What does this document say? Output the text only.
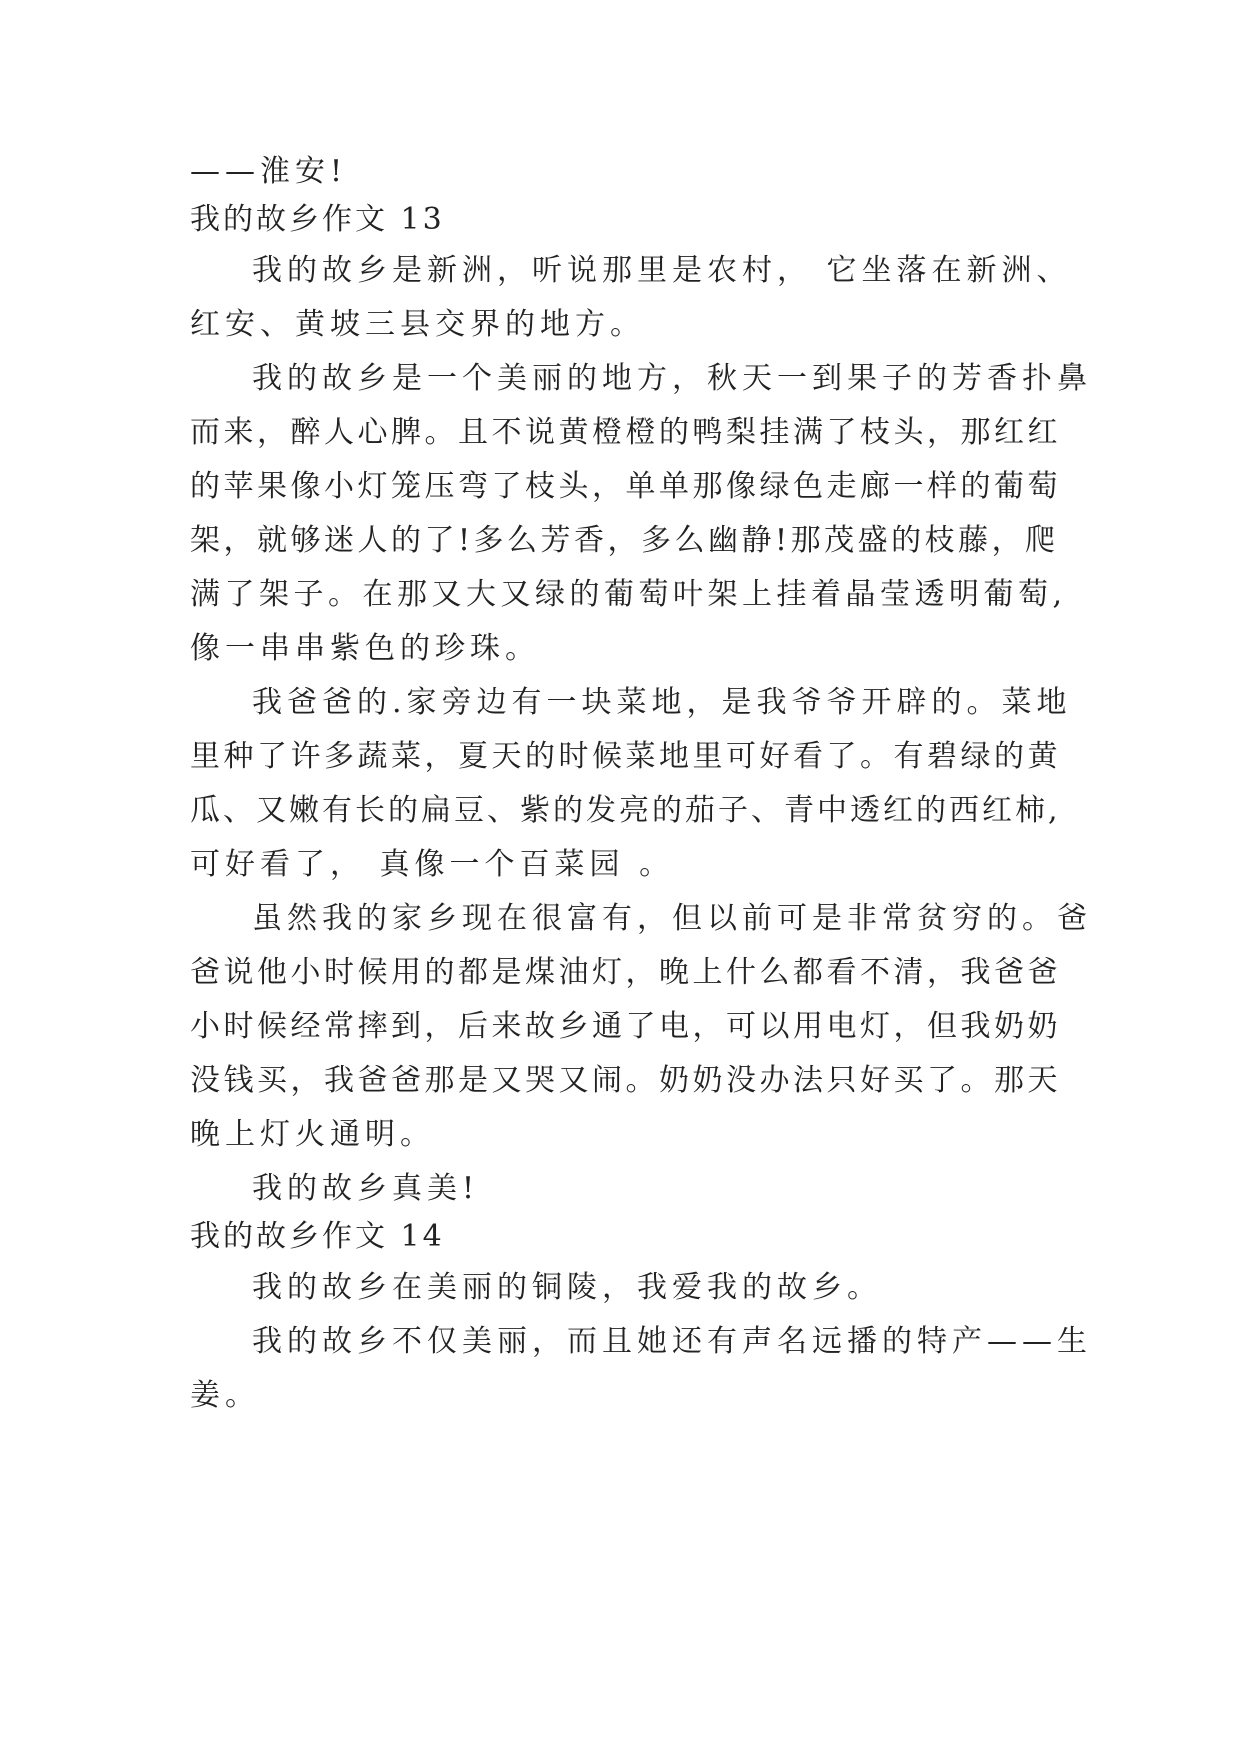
——淮安!

我的故乡作文 13

我的故乡是新洲，听说那里是农村， 它坐落在新洲、

红安、黄坡三县交界的地方。

我的故乡是一个美丽的地方，秋天一到果子的芳香扑鼻

而来，醉人心脾。且不说黄橙橙的鸭梨挂满了枝头，那红红

的苹果像小灯笼压弯了枝头，单单那像绿色走廊一样的葡萄

架，就够迷人的了!多么芳香，多么幽静!那茂盛的枝藤，爬

满了架子。在那又大又绿的葡萄叶架上挂着晶莹透明葡萄,

像一串串紫色的珍珠。

我爸爸的.家旁边有一块菜地，是我爷爷开辟的。菜地

里种了许多蔬菜，夏天的时候菜地里可好看了。有碧绿的黄

瓜、又嫩有长的扁豆、紫的发亮的茄子、青中透红的西红柿,

可好看了， 真像一个百菜园 。

虽然我的家乡现在很富有，但以前可是非常贫穷的。爸

爸说他小时候用的都是煤油灯，晚上什么都看不清，我爸爸

小时候经常摔到，后来故乡通了电，可以用电灯，但我奶奶

没钱买，我爸爸那是又哭又闹。奶奶没办法只好买了。那天

晚上灯火通明。

我的故乡真美!

我的故乡作文 14

我的故乡在美丽的铜陵，我爱我的故乡。

我的故乡不仅美丽，而且她还有声名远播的特产——生

姜。
